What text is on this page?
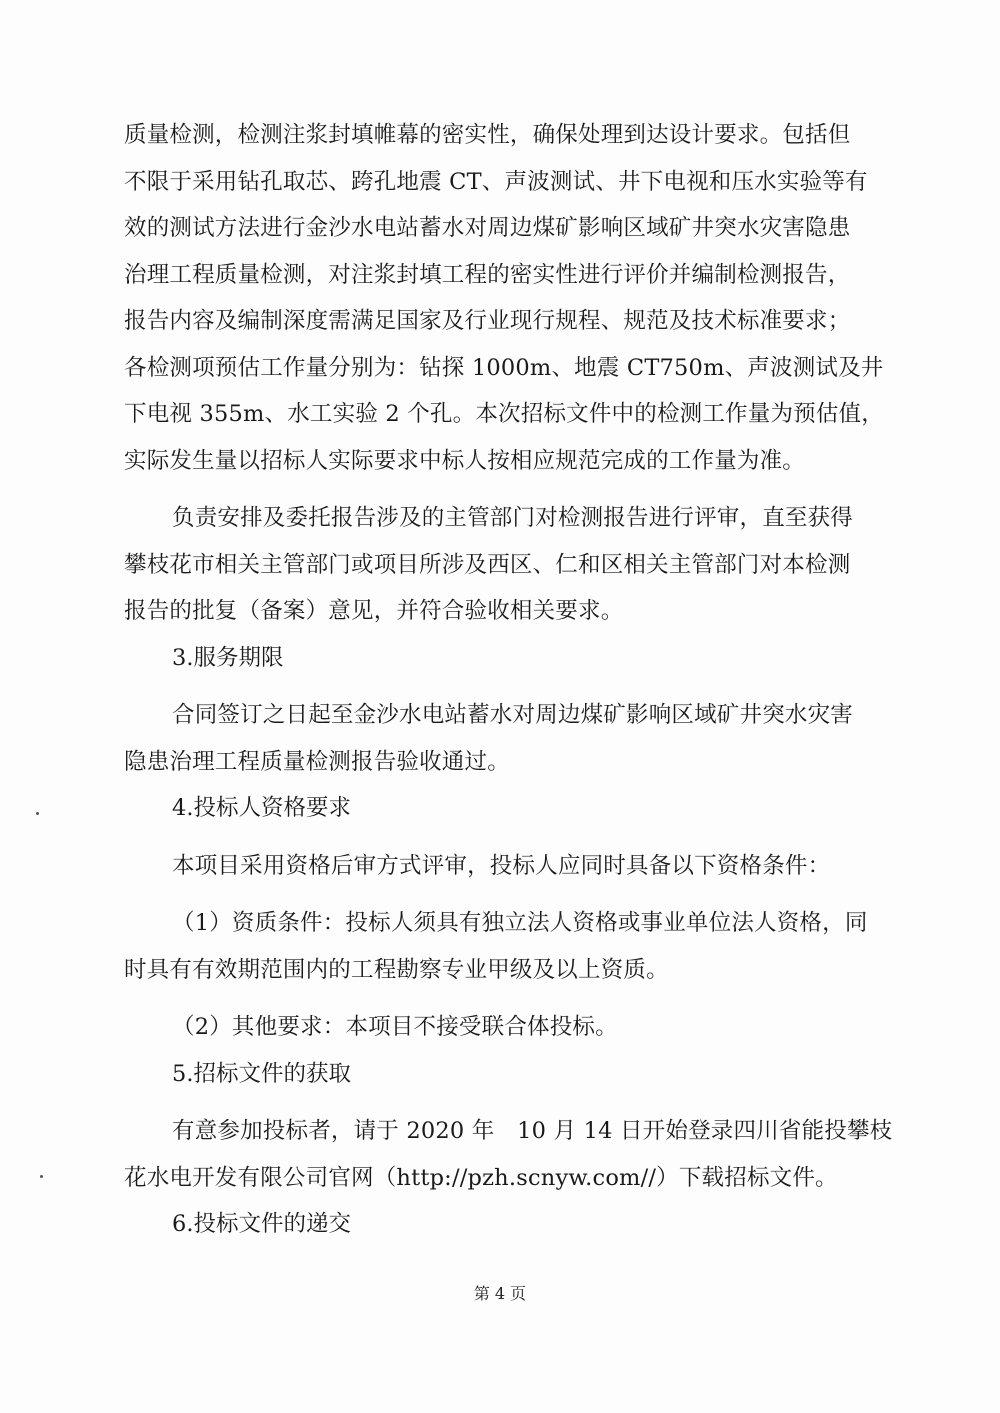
质量检测，检测注浆封填帷幕的密实性，确保处理到达设计要求。包括但
不限于采用钻孔取芯、跨孔地震 CT、声波测试、井下电视和压水实验等有
效的测试方法进行金沙水电站蓄水对周边煤矿影响区域矿井突水灾害隐患
治理工程质量检测，对注浆封填工程的密实性进行评价并编制检测报告，
报告内容及编制深度需满足国家及行业现行规程、规范及技术标准要求；
各检测项预估工作量分别为：钻探 1000m、地震 CT750m、声波测试及井
下电视 355m、水工实验 2 个孔。本次招标文件中的检测工作量为预估值，
实际发生量以招标人实际要求中标人按相应规范完成的工作量为准。

负责安排及委托报告涉及的主管部门对检测报告进行评审，直至获得
攀枝花市相关主管部门或项目所涉及西区、仁和区相关主管部门对本检测
报告的批复（备案）意见，并符合验收相关要求。

3.服务期限

合同签订之日起至金沙水电站蓄水对周边煤矿影响区域矿井突水灾害
隐患治理工程质量检测报告验收通过。

4.投标人资格要求

本项目采用资格后审方式评审，投标人应同时具备以下资格条件：

（1）资质条件：投标人须具有独立法人资格或事业单位法人资格，同
时具有有效期范围内的工程勘察专业甲级及以上资质。

（2）其他要求：本项目不接受联合体投标。

5.招标文件的获取

有意参加投标者，请于 2020 年　10 月 14 日开始登录四川省能投攀枝
花水电开发有限公司官网（http://pzh.scnyw.com//）下载招标文件。

6.投标文件的递交

第 4 页
